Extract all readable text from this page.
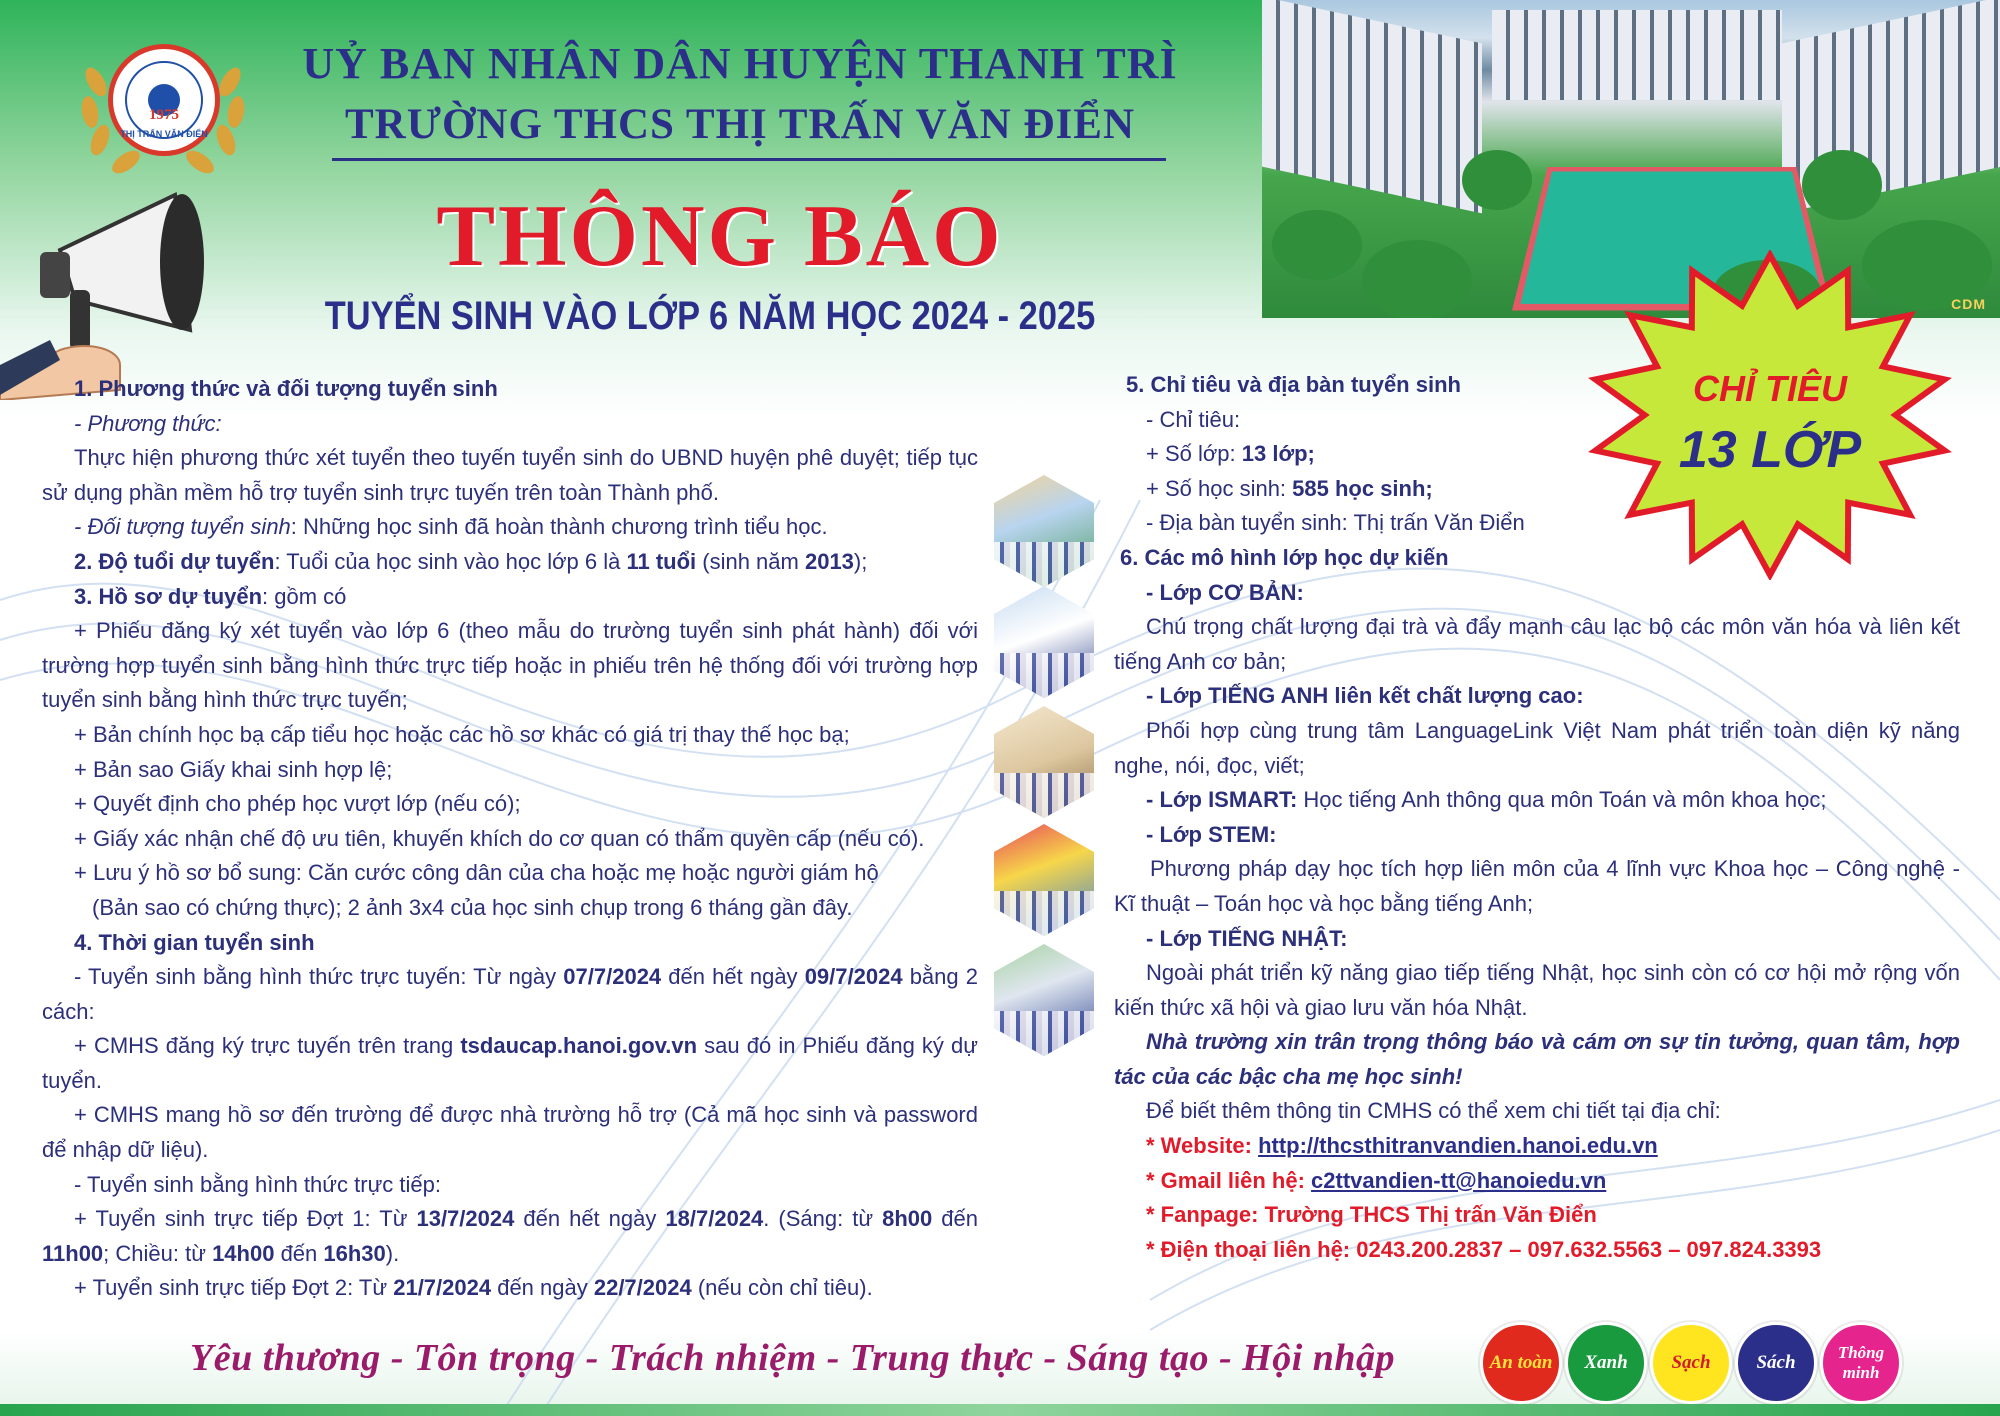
1975
THỊ TRẤN VĂN ĐIỂN
UỶ BAN NHÂN DÂN HUYỆN THANH TRÌ
TRƯỜNG THCS THỊ TRẤN VĂN ĐIỂN
THÔNG BÁO
TUYỂN SINH VÀO LỚP 6 NĂM HỌC 2024 - 2025	CDM
CHỈ TIÊU
13 LỚP

1. Phương thức và đối tượng tuyển sinh

- Phương thức:

Thực hiện phương thức xét tuyển theo tuyến tuyển sinh do UBND huyện phê duyệt; tiếp tục sử dụng phần mềm hỗ trợ tuyển sinh trực tuyến trên toàn Thành phố.

- Đối tượng tuyển sinh: Những học sinh đã hoàn thành chương trình tiểu học.

2. Độ tuổi dự tuyển: Tuổi của học sinh vào học lớp 6 là 11 tuổi (sinh năm 2013);

3. Hồ sơ dự tuyển: gồm có

+ Phiếu đăng ký xét tuyển vào lớp 6 (theo mẫu do trường tuyển sinh phát hành) đối với trường hợp tuyển sinh bằng hình thức trực tiếp hoặc in phiếu trên hệ thống đối với trường hợp tuyển sinh bằng hình thức trực tuyến;

+ Bản chính học bạ cấp tiểu học hoặc các hồ sơ khác có giá trị thay thế học bạ;

+ Bản sao Giấy khai sinh hợp lệ;

+ Quyết định cho phép học vượt lớp (nếu có);

+ Giấy xác nhận chế độ ưu tiên, khuyến khích do cơ quan có thẩm quyền cấp (nếu có).

+ Lưu ý hồ sơ bổ sung: Căn cước công dân của cha hoặc mẹ hoặc người giám hộ

(Bản sao có chứng thực); 2 ảnh 3x4 của học sinh chụp trong 6 tháng gần đây.

4. Thời gian tuyển sinh

- Tuyển sinh bằng hình thức trực tuyến: Từ ngày 07/7/2024 đến hết ngày 09/7/2024 bằng 2 cách:

+ CMHS đăng ký trực tuyến trên trang tsdaucap.hanoi.gov.vn sau đó in Phiếu đăng ký dự tuyển.

+ CMHS mang hồ sơ đến trường để được nhà trường hỗ trợ (Cả mã học sinh và password để nhập dữ liệu).

- Tuyển sinh bằng hình thức trực tiếp:

+ Tuyển sinh trực tiếp Đợt 1: Từ 13/7/2024 đến hết ngày 18/7/2024. (Sáng: từ 8h00 đến 11h00; Chiều: từ 14h00 đến 16h30).

+ Tuyển sinh trực tiếp Đợt 2: Từ 21/7/2024 đến ngày 22/7/2024 (nếu còn chỉ tiêu).

5. Chỉ tiêu và địa bàn tuyển sinh

- Chỉ tiêu:

+ Số lớp: 13 lớp;

+ Số học sinh: 585 học sinh;

- Địa bàn tuyển sinh: Thị trấn Văn Điển

6. Các mô hình lớp học dự kiến

- Lớp CƠ BẢN:

Chú trọng chất lượng đại trà và đẩy mạnh câu lạc bộ các môn văn hóa và liên kết tiếng Anh cơ bản;

- Lớp TIẾNG ANH liên kết chất lượng cao:

Phối hợp cùng trung tâm LanguageLink Việt Nam phát triển toàn diện kỹ năng nghe, nói, đọc, viết;

- Lớp ISMART: Học tiếng Anh thông qua môn Toán và môn khoa học;

- Lớp STEM:

Phương pháp dạy học tích hợp liên môn của 4 lĩnh vực Khoa học – Công nghệ - Kĩ thuật – Toán học và học bằng tiếng Anh;

- Lớp TIẾNG NHẬT:

Ngoài phát triển kỹ năng giao tiếp tiếng Nhật, học sinh còn có cơ hội mở rộng vốn kiến thức xã hội và giao lưu văn hóa Nhật.

Nhà trường xin trân trọng thông báo và cám ơn sự tin tưởng, quan tâm, hợp tác của các bậc cha mẹ học sinh!

Để biết thêm thông tin CMHS có thể xem chi tiết tại địa chỉ:

* Website: http://thcsthitranvandien.hanoi.edu.vn

* Gmail liên hệ: c2ttvandien-tt@hanoiedu.vn

* Fanpage: Trường THCS Thị trấn Văn Điển

* Điện thoại liên hệ: 0243.200.2837 – 097.632.5563 – 097.824.3393

Yêu thương - Tôn trọng - Trách nhiệm - Trung thực - Sáng tạo - Hội nhập	An toàn	Xanh	Sạch	Sách	Thông minh
